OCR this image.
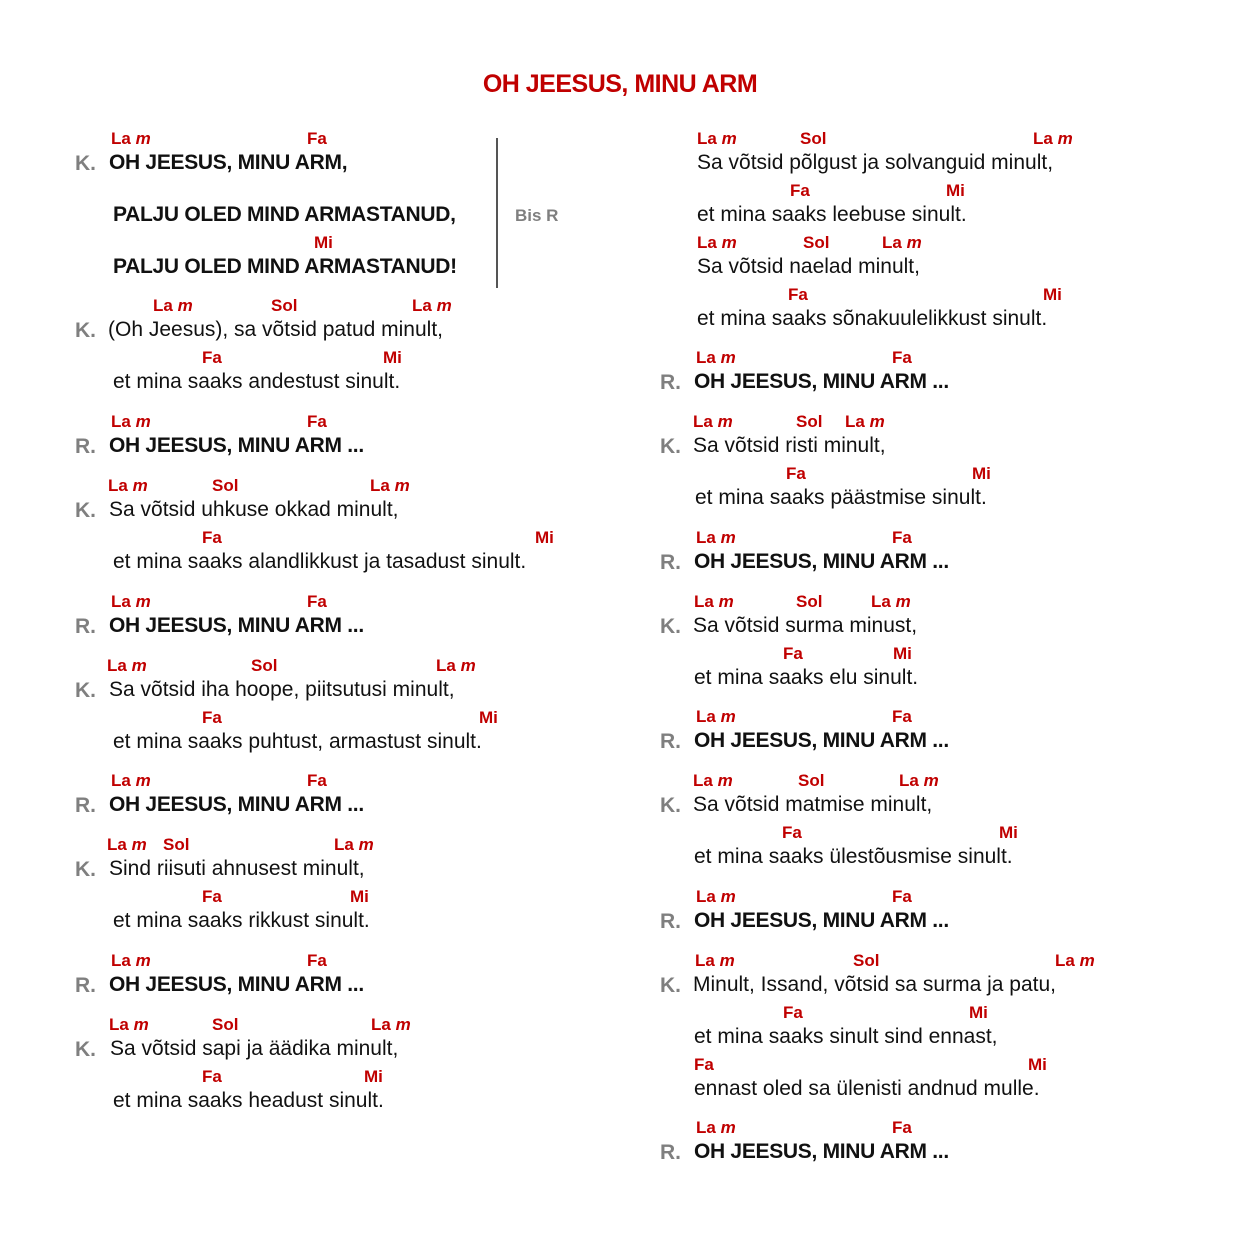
OH JEESUS, MINU ARM
Bis R
K.
La m	Fa
OH JEESUS, MINU ARM,
PALJU OLED MIND ARMASTANUD,
Mi
PALJU OLED MIND ARMASTANUD!
K.
La m	Sol	La m
(Oh Jeesus), sa võtsid patud minult,
Fa	Mi
et mina saaks andestust sinult.
R.
La m	Fa
OH JEESUS, MINU ARM ...
K.
La m	Sol	La m
Sa võtsid uhkuse okkad minult,
Fa	Mi
et mina saaks alandlikkust ja tasadust sinult.
R.
La m	Fa
OH JEESUS, MINU ARM ...
K.
La m	Sol	La m
Sa võtsid iha hoope, piitsutusi minult,
Fa	Mi
et mina saaks puhtust, armastust sinult.
R.
La m	Fa
OH JEESUS, MINU ARM ...
K.
La m Sol	La m
Sind riisuti ahnusest minult,
Fa	Mi
et mina saaks rikkust sinult.
R.
La m	Fa
OH JEESUS, MINU ARM ...
K.
La m	Sol	La m
Sa võtsid sapi ja äädika minult,
Fa	Mi
et mina saaks headust sinult.
La m	Sol	La m
Sa võtsid põlgust ja solvanguid minult,
Fa	Mi
et mina saaks leebuse sinult.
La m	Sol	La m
Sa võtsid naelad minult,
Fa	Mi
et mina saaks sõnakuulelikkust sinult.
R.
La m	Fa
OH JEESUS, MINU ARM ...
K.
La m	Sol La m
Sa võtsid risti minult,
Fa	Mi
et mina saaks päästmise sinult.
R.
La m	Fa
OH JEESUS, MINU ARM ...
K.
La m	Sol	La m
Sa võtsid surma minust,
Fa	Mi
et mina saaks elu sinult.
R.
La m	Fa
OH JEESUS, MINU ARM ...
K.
La m	Sol	La m
Sa võtsid matmise minult,
Fa	Mi
et mina saaks ülestõusmise sinult.
R.
La m	Fa
OH JEESUS, MINU ARM ...
K.
La m	Sol	La m
Minult, Issand, võtsid sa surma ja patu,
Fa	Mi
et mina saaks sinult sind ennast,
Fa	Mi
ennast oled sa ülenisti andnud mulle.
R.
La m	Fa
OH JEESUS, MINU ARM ...
